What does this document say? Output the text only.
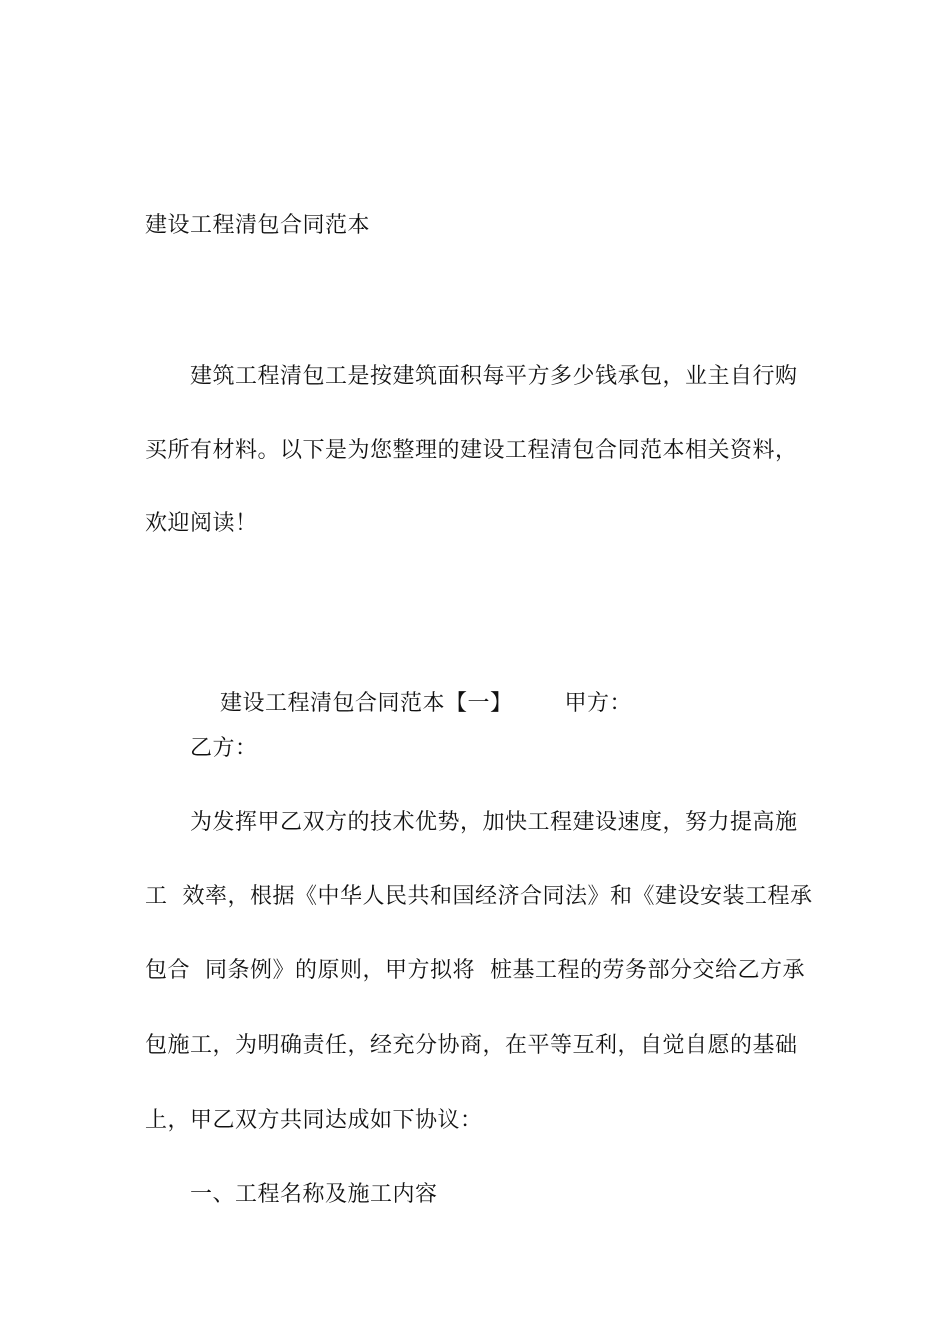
建设工程清包合同范本
建筑工程清包工是按建筑面积每平方多少钱承包，业主自行购
买所有材料。以下是为您整理的建设工程清包合同范本相关资料，
欢迎阅读！

建设工程清包合同范本【一】 甲方：

乙方：
为发挥甲乙双方的技术优势，加快工程建设速度，努力提高施
工  效率，根据《中华人民共和国经济合同法》和《建设安装工程承
包合  同条例》的原则，甲方拟将  桩基工程的劳务部分交给乙方承
包施工，为明确责任，经充分协商，在平等互利，自觉自愿的基础
上，甲乙双方共同达成如下协议：
一、工程名称及施工内容
